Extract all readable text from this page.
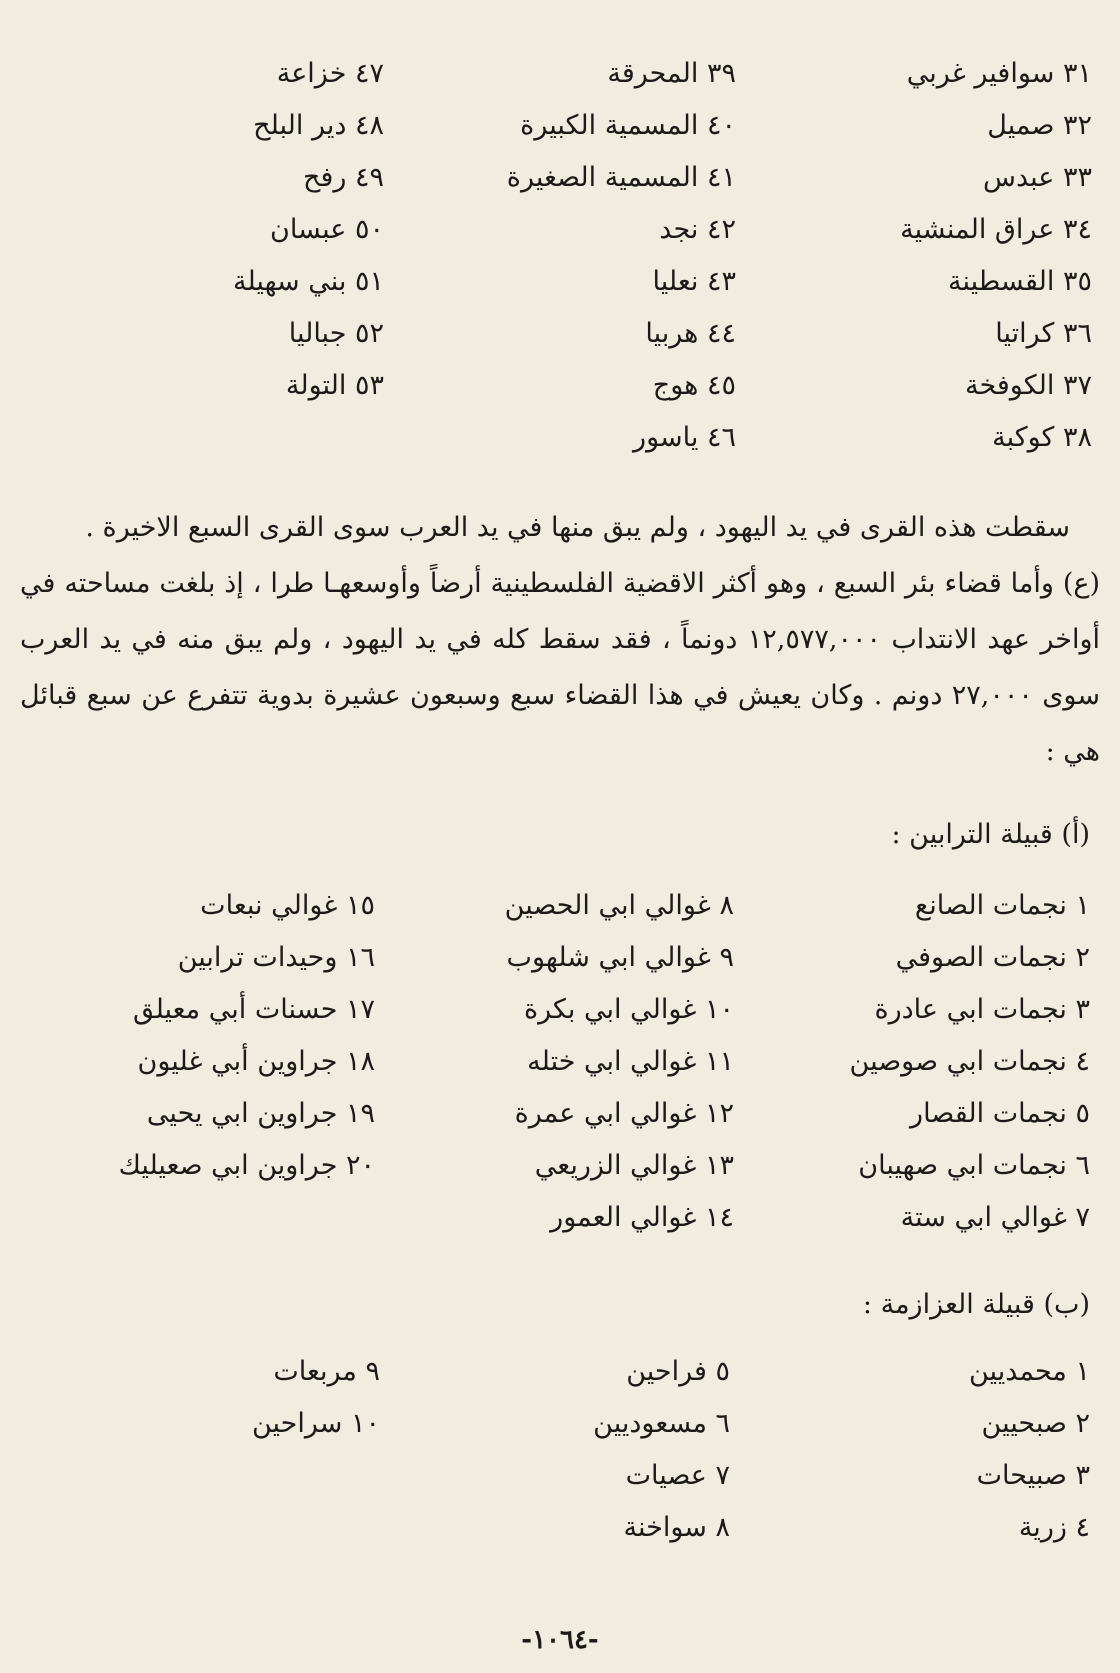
٣١ سوافير غربي
٣٢ صميل
٣٣ عبدس
٣٤ عراق المنشية
٣٥ القسطينة
٣٦ كراتيا
٣٧ الكوفخة
٣٨ كوكبة
٣٩ المحرقة
٤٠ المسمية الكبيرة
٤١ المسمية الصغيرة
٤٢ نجد
٤٣ نعليا
٤٤ هربيا
٤٥ هوج
٤٦ ياسور
٤٧ خزاعة
٤٨ دير البلح
٤٩ رفح
٥٠ عبسان
٥١ بني سهيلة
٥٢ جباليا
٥٣ التولة
سقطت هذه القرى في يد اليهود ، ولم يبق منها في يد العرب سوى القرى السبع الاخيرة .
(ع) وأما قضاء بئر السبع ، وهو أكثر الاقضية الفلسطينية أرضاً وأوسعهـا طرا ، إذ بلغت مساحته في أواخر عهد الانتداب ١٢,٥٧٧,٠٠٠ دونماً ، فقد سقط كله في يد اليهود ، ولم يبق منه في يد العرب سوى ٢٧,٠٠٠ دونم . وكان يعيش في هذا القضاء سبع وسبعون عشيرة بدوية تتفرع عن سبع قبائل هي :
(أ) قبيلة الترابين :
١ نجمات الصانع
٢ نجمات الصوفي
٣ نجمات ابي عادرة
٤ نجمات ابي صوصين
٥ نجمات القصار
٦ نجمات ابي صهيبان
٧ غوالي ابي ستة
٨ غوالي ابي الحصين
٩ غوالي ابي شلهوب
١٠ غوالي ابي بكرة
١١ غوالي ابي ختله
١٢ غوالي ابي عمرة
١٣ غوالي الزريعي
١٤ غوالي العمور
١٥ غوالي نبعات
١٦ وحيدات ترابين
١٧ حسنات أبي معيلق
١٨ جراوين أبي غليون
١٩ جراوين ابي يحيى
٢٠ جراوين ابي صعيليك
(ب) قبيلة العزازمة :
١ محمديين
٢ صبحيين
٣ صبيحات
٤ زرية
٥ فراحين
٦ مسعوديين
٧ عصيات
٨ سواخنة
٩ مربعات
١٠ سراحين
-١٠٦٤-
